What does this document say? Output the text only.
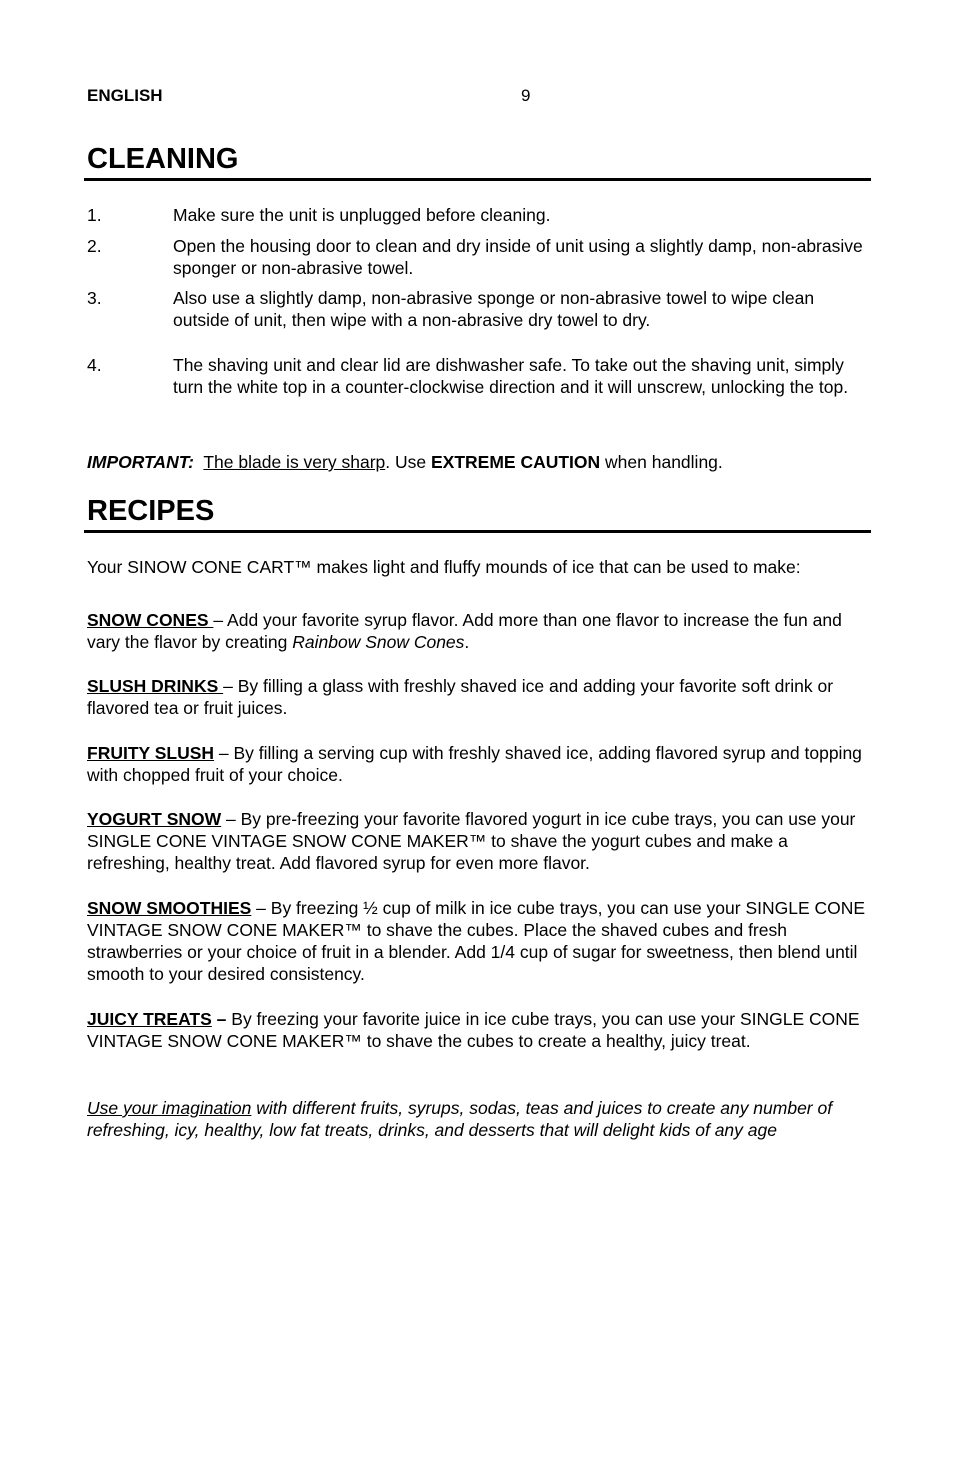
ENGLISH	9
CLEANING
1.	Make sure the unit is unplugged before cleaning.
2.	Open the housing door to clean and dry inside of unit using a slightly damp, non-abrasive sponger or non-abrasive towel.
3.	Also use a slightly damp, non-abrasive sponge or non-abrasive towel to wipe clean outside of unit, then wipe with a non-abrasive dry towel to dry.
4.	The shaving unit and clear lid are dishwasher safe. To take out the shaving unit, simply turn the white top in a counter-clockwise direction and it will unscrew, unlocking the top.
IMPORTANT: The blade is very sharp. Use EXTREME CAUTION when handling.
RECIPES
Your SINOW CONE CART™ makes light and fluffy mounds of ice that can be used to make:
SNOW CONES – Add your favorite syrup flavor. Add more than one flavor to increase the fun and vary the flavor by creating Rainbow Snow Cones.
SLUSH DRINKS – By filling a glass with freshly shaved ice and adding your favorite soft drink or flavored tea or fruit juices.
FRUITY SLUSH – By filling a serving cup with freshly shaved ice, adding flavored syrup and topping with chopped fruit of your choice.
YOGURT SNOW – By pre-freezing your favorite flavored yogurt in ice cube trays, you can use your SINGLE CONE VINTAGE SNOW CONE MAKER™ to shave the yogurt cubes and make a refreshing, healthy treat. Add flavored syrup for even more flavor.
SNOW SMOOTHIES – By freezing ½ cup of milk in ice cube trays, you can use your SINGLE CONE VINTAGE SNOW CONE MAKER™ to shave the cubes. Place the shaved cubes and fresh strawberries or your choice of fruit in a blender. Add 1/4 cup of sugar for sweetness, then blend until smooth to your desired consistency.
JUICY TREATS – By freezing your favorite juice in ice cube trays, you can use your SINGLE CONE VINTAGE SNOW CONE MAKER™ to shave the cubes to create a healthy, juicy treat.
Use your imagination with different fruits, syrups, sodas, teas and juices to create any number of refreshing, icy, healthy, low fat treats, drinks, and desserts that will delight kids of any age
